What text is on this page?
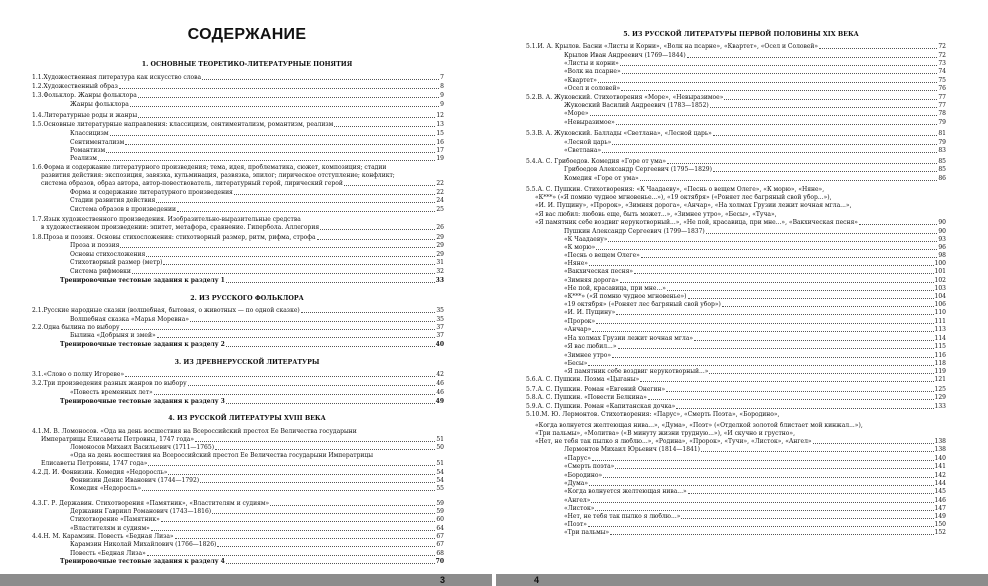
СОДЕРЖАНИЕ
1. ОСНОВНЫЕ ТЕОРЕТИКО-ЛИТЕРАТУРНЫЕ ПОНЯТИЯ
2. ИЗ РУССКОГО ФОЛЬКЛОРА
3. ИЗ ДРЕВНЕРУССКОЙ ЛИТЕРАТУРЫ
4. ИЗ РУССКОЙ ЛИТЕРАТУРЫ XVIII ВЕКА
1.1. Художественная литература как искусство слова	7
1.2. Художественный образ	8
1.3. Фольклор. Жанры фольклора	9
Жанры фольклора	9
1.4. Литературные роды и жанры	12
1.5. Основные литературные направления: классицизм, сентиментализм, романтизм, реализм	13
Классицизм	15
Сентиментализм	16
Романтизм	17
Реализм	19
1.6. Форма и содержание литературного произведения; тема, идея, проблематика, сюжет, композиция; стадии
развития действия: экспозиция, завязка, кульминация, развязка, эпилог; лирическое отступление; конфликт;
система образов, образ автора, автор-повествователь, литературный герой, лирический герой	22
Форма и содержание литературного произведения	22
Стадии развития действия	24
Система образов в произведении	25
1.7. Язык художественного произведения. Изобразительно-выразительные средства
в художественном произведении: эпитет, метафора, сравнение. Гипербола. Аллегория	26
1.8. Проза и поэзия. Основы стихосложения: стихотворный размер, ритм, рифма, строфа	29
Проза и поэзия	29
Основы стихосложения	29
Стихотворный размер (метр)	31
Система рифмовки	32
Тренировочные тестовые задания к разделу 1	33
2.1. Русские народные сказки (волшебная, бытовая, о животных — по одной сказке)	35
Волшебная сказка «Марья Моревна»	35
2.2. Одна былина по выбору	37
Былина «Добрыня и змей»	37
Тренировочные тестовые задания к разделу 2	40
3.1. «Слово о полку Игореве»	42
3.2. Три произведения разных жанров по выбору	46
«Повесть временных лет»	46
Тренировочные тестовые задания к разделу 3	49
4.1. М. В. Ломоносов. «Ода на день восшествия на Всероссийский престол Ее Величества государыни
Императрицы Елисаветы Петровны, 1747 года»	51
Ломоносов Михаил Васильевич (1711—1765)	50
«Ода на день восшествия на Всероссийский престол Ее Величества государыни Императрицы
Елисаветы Петровны, 1747 года»	51
4.2. Д. И. Фонвизин. Комедия «Недоросль»	54
Фонвизин Денис Иванович (1744—1792)	54
Комедия «Недоросль»	55
4.3. Г. Р. Державин. Стихотворения «Памятник», «Властителям и судиям»	59
Державин Гавриил Романович (1743—1816)	59
Стихотворение «Памятник»	60
«Властителям и судиям»	64
4.4. Н. М. Карамзин. Повесть «Бедная Лиза»	67
Карамзин Николай Михайлович (1766—1826)	67
Повесть «Бедная Лиза»	68
Тренировочные тестовые задания к разделу 4	70
5. ИЗ РУССКОЙ ЛИТЕРАТУРЫ ПЕРВОЙ ПОЛОВИНЫ XIX ВЕКА
5.1. И. А. Крылов. Басни «Листы и Корни», «Волк на псарне», «Квартет», «Осел и Соловей»	72
Крылов Иван Андреевич (1769—1844)	72
«Листы и корни»	73
«Волк на псарне»	74
«Квартет»	75
«Осел и соловей»	76
5.2. В. А. Жуковский. Стихотворения «Море», «Невыразимое»	77
Жуковский Василий Андреевич (1783—1852)	77
«Море»	78
«Невыразимое»	79
5.3. В. А. Жуковский. Баллады «Светлана», «Лесной царь»	81
«Лесной царь»	79
«Светлана»	83
5.4. А. С. Грибоедов. Комедия «Горе от ума»	85
Грибоедов Александр Сергеевич (1795—1829)	85
Комедия «Горе от ума»	86
5.5. А. С. Пушкин. Стихотворения: «К Чаадаеву», «Песнь о вещем Олеге», «К морю», «Няне»,
«К***» («Я помню чудное мгновенье...»), «19 октября» («Роняет лес багряный свой убор...»),
«И. И. Пущину», «Пророк», «Зимняя дорога», «Анчар», «На холмах Грузии лежит ночная мгла...»,
«Я вас любил: любовь еще, быть может...», «Зимнее утро», «Бесы», «Туча»,
«Я памятник себе воздвиг нерукотворный...», «Не пой, красавица, при мне...», «Вакхическая песня»	90
Пушкин Александр Сергеевич (1799—1837)	90
«К Чаадаеву»	93
«К морю»	96
«Песнь о вещем Олеге»	98
«Няне»	100
«Вакхическая песня»	101
«Зимняя дорога»	102
«Не пой, красавица, при мне...»	103
«К***» («Я помню чудное мгновенье»)	104
«19 октября» («Роняет лес багряный свой убор»)	106
«И. И. Пущину»	110
«Пророк»	111
«Анчар»	113
«На холмах Грузии лежит ночная мгла»	114
«Я вас любил...»	115
«Зимнее утро»	116
«Бесы»	118
«Я памятник себе воздвиг нерукотворный...»	119
5.6. А. С. Пушкин. Поэма «Цыганы»	121
5.7. А. С. Пушкин. Роман «Евгений Онегин»	125
5.8. А. С. Пушкин. «Повести Белкина»	129
5.9. А. С. Пушкин. Роман «Капитанская дочка»	133
5.10. М. Ю. Лермонтов. Стихотворения: «Парус», «Смерть Поэта», «Бородино»,
«Когда волнуется желтеющая нива...», «Дума», «Поэт» («Отделкой золотой блистает мой кинжал...»),
«Три пальмы», «Молитва» («В минуту жизни трудную...»), «И скучно и грустно»,
«Нет, не тебя так пылко я люблю...», «Родина», «Пророк», «Тучи», «Листок», «Ангел»	138
Лермонтов Михаил Юрьевич (1814—1841)	138
«Парус»	140
«Смерть поэта»	141
«Бородино»	142
«Дума»	144
«Когда волнуется желтеющая нива...»	145
«Ангел»	146
«Листок»	147
«Нет, не тебя так пылко я люблю...»	149
«Поэт»	150
«Три пальмы»	152
3	4
